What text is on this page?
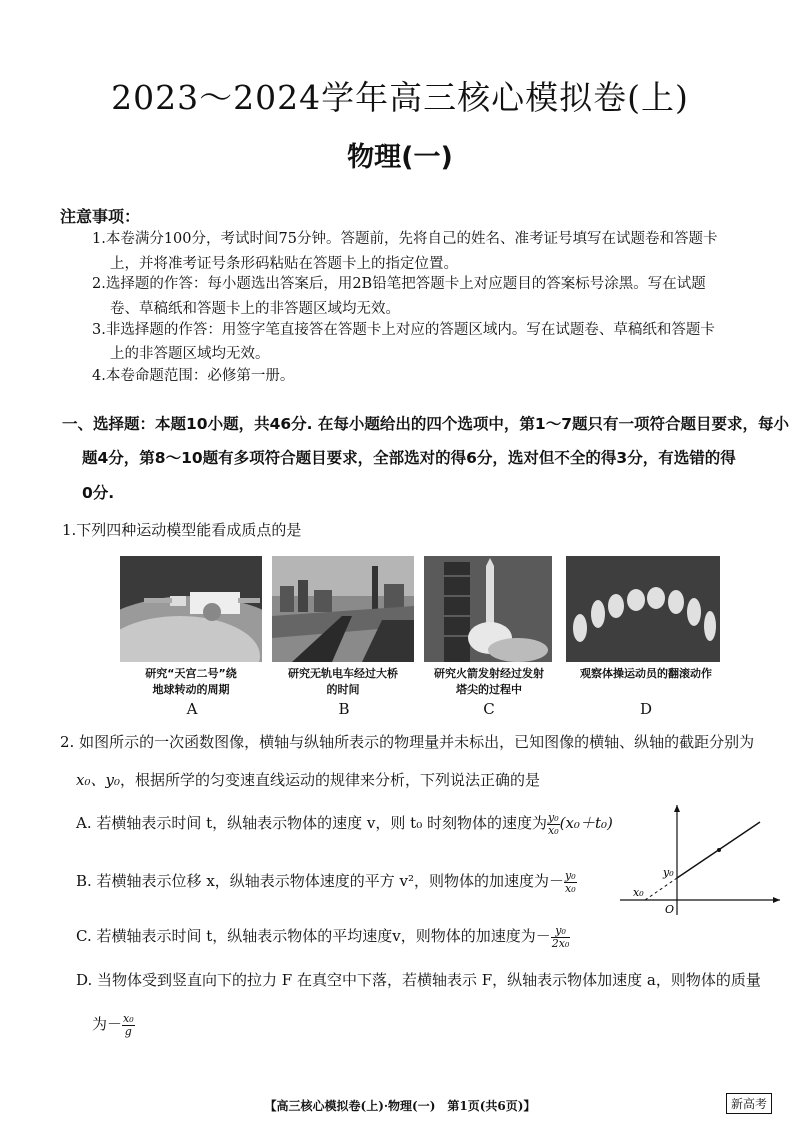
2023～2024学年高三核心模拟卷(上)
物理(一)
注意事项：
1.本卷满分100分，考试时间75分钟。答题前，先将自己的姓名、准考证号填写在试题卷和答题卡
上，并将准考证号条形码粘贴在答题卡上的指定位置。
2.选择题的作答：每小题选出答案后，用2B铅笔把答题卡上对应题目的答案标号涂黑。写在试题
卷、草稿纸和答题卡上的非答题区域均无效。
3.非选择题的作答：用签字笔直接答在答题卡上对应的答题区域内。写在试题卷、草稿纸和答题卡
上的非答题区域均无效。
4.本卷命题范围：必修第一册。
一、选择题：本题10小题，共46分. 在每小题给出的四个选项中，第1～7题只有一项符合题目要求，每小
题4分，第8～10题有多项符合题目要求，全部选对的得6分，选对但不全的得3分，有选错的得
0分.
1.下列四种运动模型能看成质点的是
研究“天宫二号”绕
地球转动的周期
研究无轨电车经过大桥
的时间
研究火箭发射经过发射
塔尖的过程中
观察体操运动员的翻滚动作
A	B	C	D
2. 如图所示的一次函数图像，横轴与纵轴所表示的物理量并未标出，已知图像的横轴、纵轴的截距分别为
x₀、y₀，根据所学的匀变速直线运动的规律来分析，下列说法正确的是
A. 若横轴表示时间 t，纵轴表示物体的速度 v，则 t₀ 时刻物体的速度为 $\frac{\text{y₀}}{\text{x₀}} (x_0+t_0)$
B. 若横轴表示位移 x，纵轴表示物体速度的平方 v²，则物体的加速度为－ $\frac{\text{y₀}}{\text{x₀}}$
C. 若横轴表示时间 t，纵轴表示物体的平均速度v，则物体的加速度为－ $\frac{\text{y₀}}{\text{2x₀}}$
D. 当物体受到竖直向下的拉力 F 在真空中下落，若横轴表示 F，纵轴表示物体加速度 a，则物体的质量
为－ $\frac{\text{x₀}}{g}$
y₀
x₀
O
【高三核心模拟卷(上)·物理(一)　第1页(共6页)】	新高考
